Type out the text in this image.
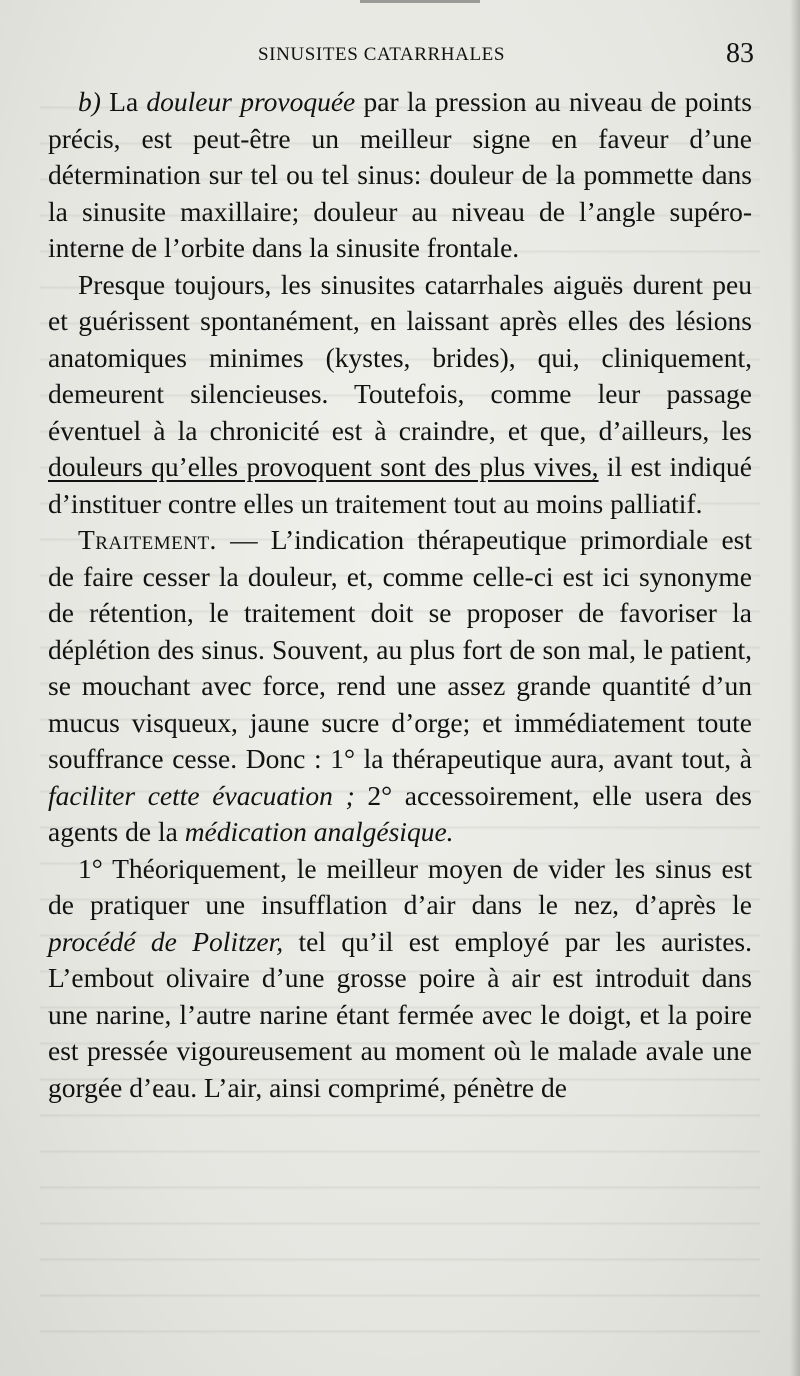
SINUSITES CATARRHALES	83

b) La douleur provoquée par la pression au niveau de points précis, est peut-être un meilleur signe en faveur d’une détermination sur tel ou tel sinus: douleur de la pommette dans la sinusite maxillaire; douleur au niveau de l’angle supéro-interne de l’orbite dans la sinusite frontale.

Presque toujours, les sinusites catarrhales aiguës durent peu et guérissent spontanément, en laissant après elles des lésions anatomiques minimes (kystes, brides), qui, cliniquement, demeurent silencieuses. Toutefois, comme leur passage éventuel à la chronicité est à craindre, et que, d’ailleurs, les douleurs qu’elles provoquent sont des plus vives, il est indiqué d’instituer contre elles un traitement tout au moins palliatif.

Traitement. — L’indication thérapeutique primordiale est de faire cesser la douleur, et, comme celle-ci est ici synonyme de rétention, le traitement doit se proposer de favoriser la déplétion des sinus. Souvent, au plus fort de son mal, le patient, se mouchant avec force, rend une assez grande quantité d’un mucus visqueux, jaune sucre d’orge; et immédiatement toute souffrance cesse. Donc : 1° la thérapeutique aura, avant tout, à faciliter cette évacuation ; 2° accessoirement, elle usera des agents de la médication analgésique.

1° Théoriquement, le meilleur moyen de vider les sinus est de pratiquer une insufflation d’air dans le nez, d’après le procédé de Politzer, tel qu’il est employé par les auristes. L’embout olivaire d’une grosse poire à air est introduit dans une narine, l’autre narine étant fermée avec le doigt, et la poire est pressée vigoureusement au moment où le malade avale une gorgée d’eau. L’air, ainsi comprimé, pénètre de
